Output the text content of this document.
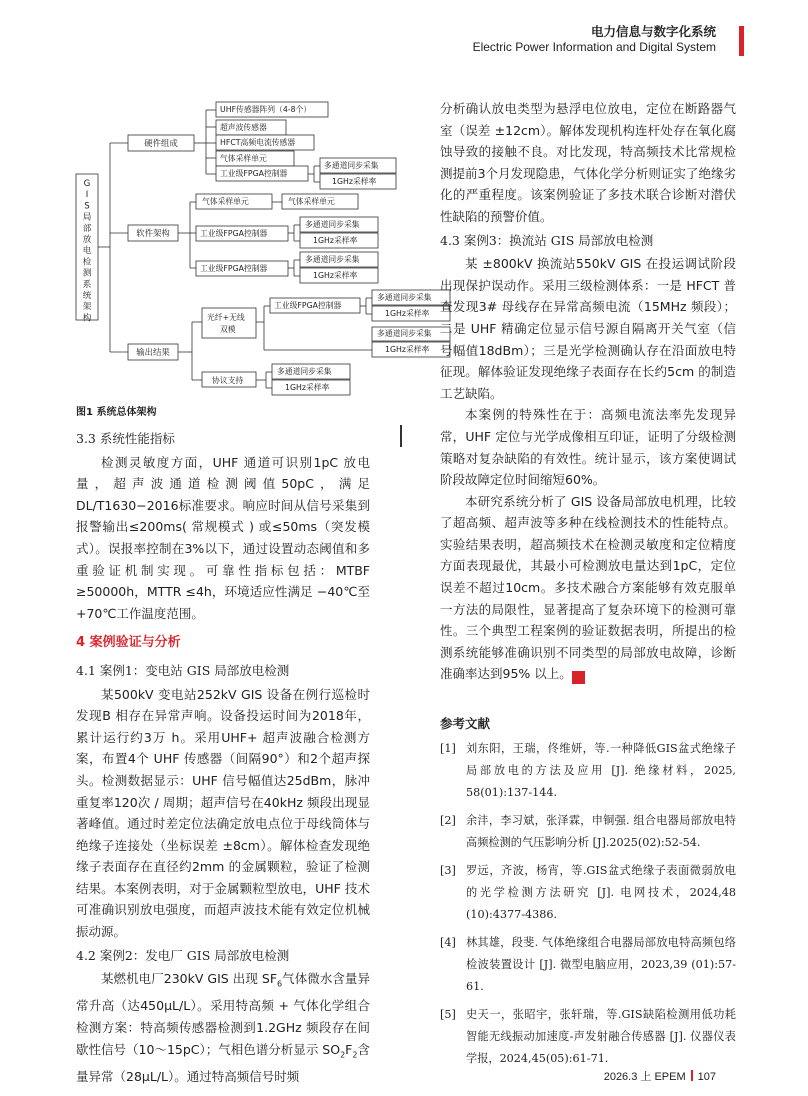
电力信息与数字化系统
Electric Power Information and Digital System
G I S 局部放电检测系统架构
硬件组成
软件架构
输出结果
UHF传感器阵列（4-8个）
超声波传感器
HFCT高频电流传感器
气体采样单元
工业级FPGA控制器
多通道同步采集
1GHz采样率
气体采样单元	气体采样单元
工业级FPGA控制器
多通道同步采集
1GHz采样率
工业级FPGA控制器
多通道同步采集
1GHz采样率
光纤+无线双模
工业级FPGA控制器
多通道同步采集
1GHz采样率
1GHz采样率
协议支持
多通道同步采集
1GHz采样率
多通道同步采集
图1 系统总体架构
3.3 系统性能指标

检测灵敏度方面，UHF 通道可识别1pC 放电量，超声波通道检测阈值50pC，满足 DL/T1630−2016标准要求。响应时间从信号采集到报警输出≤200ms( 常规模式 ) 或≤50ms（突发模式）。误报率控制在3%以下，通过设置动态阈值和多重验证机制实现。可靠性指标包括：MTBF ≥50000h，MTTR ≤4h，环境适应性满足 −40℃至 +70℃工作温度范围。

4 案例验证与分析
4.1 案例1：变电站 GIS 局部放电检测

某500kV 变电站252kV GIS 设备在例行巡检时发现B 相存在异常声响。设备投运时间为2018年，累计运行约3万 h。采用UHF+ 超声波融合检测方案，布置4个 UHF 传感器（间隔90°）和2个超声探头。检测数据显示：UHF 信号幅值达25dBm，脉冲重复率120次 / 周期；超声信号在40kHz 频段出现显著峰值。通过时差定位法确定放电点位于母线筒体与绝缘子连接处（坐标误差 ±8cm）。解体检查发现绝缘子表面存在直径约2mm 的金属颗粒，验证了检测结果。本案例表明，对于金属颗粒型放电，UHF 技术可准确识别放电强度，而超声波技术能有效定位机械振动源。

4.2 案例2：发电厂 GIS 局部放电检测

某燃机电厂230kV GIS 出现 $SF_6$气体微水含量异常升高（达450μL/L）。采用特高频 + 气体化学组合检测方案：特高频传感器检测到1.2GHz 频段存在间歇性信号（10～15pC）；气相色谱分析显示 $SO_2F_2$含量异常（28μL/L）。通过特高频信号时频

分析确认放电类型为悬浮电位放电，定位在断路器气室（误差 ±12cm）。解体发现机构连杆处存在氧化腐蚀导致的接触不良。对比发现，特高频技术比常规检测提前3个月发现隐患，气体化学分析则证实了绝缘劣化的严重程度。该案例验证了多技术联合诊断对潜伏性缺陷的预警价值。

4.3 案例3：换流站 GIS 局部放电检测

某 ±800kV 换流站550kV GIS 在投运调试阶段出现保护误动作。采用三级检测体系：一是 HFCT 普查发现3# 母线存在异常高频电流（15MHz 频段）；二是 UHF 精确定位显示信号源自隔离开关气室（信号幅值18dBm）；三是光学检测确认存在沿面放电特征现。解体验证发现绝缘子表面存在长约5cm 的制造工艺缺陷。

本案例的特殊性在于：高频电流法率先发现异常，UHF 定位与光学成像相互印证，证明了分级检测策略对复杂缺陷的有效性。统计显示，该方案使调试阶段故障定位时间缩短60%。

本研究系统分析了 GIS 设备局部放电机理，比较了超高频、超声波等多种在线检测技术的性能特点。实验结果表明，超高频技术在检测灵敏度和定位精度方面表现最优，其最小可检测放电量达到1pC，定位误差不超过10cm。多技术融合方案能够有效克服单一方法的局限性，显著提高了复杂环境下的检测可靠性。三个典型工程案例的验证数据表明，所提出的检测系统能够准确识别不同类型的局部放电故障，诊断准确率达到95% 以上。	★

参考文献
[1] 刘东阳，王瑞，佟维妍，等.一种降低GIS盆式绝缘子局部放电的方法及应用 [J]. 绝缘材料，2025, 58(01):137-144.
[2] 余沣，李习斌，张泽霖，申铜强. 组合电器局部放电特高频检测的气压影响分析 [J].2025(02):52-54.
[3] 罗远，齐波，杨宵，等.GIS盆式绝缘子表面微弱放电的光学检测方法研究 [J]. 电网技术，2024,48 (10):4377-4386.
[4] 林其雄，段斐. 气体绝缘组合电器局部放电特高频包络检波装置设计 [J]. 微型电脑应用，2023,39 (01):57-61.
[5] 史天一，张昭宇，张轩瑞，等.GIS缺陷检测用低功耗智能无线振动加速度-声发射融合传感器 [J]. 仪器仪表学报，2024,45(05):61-71.
2026.3 上 EPEM 107
